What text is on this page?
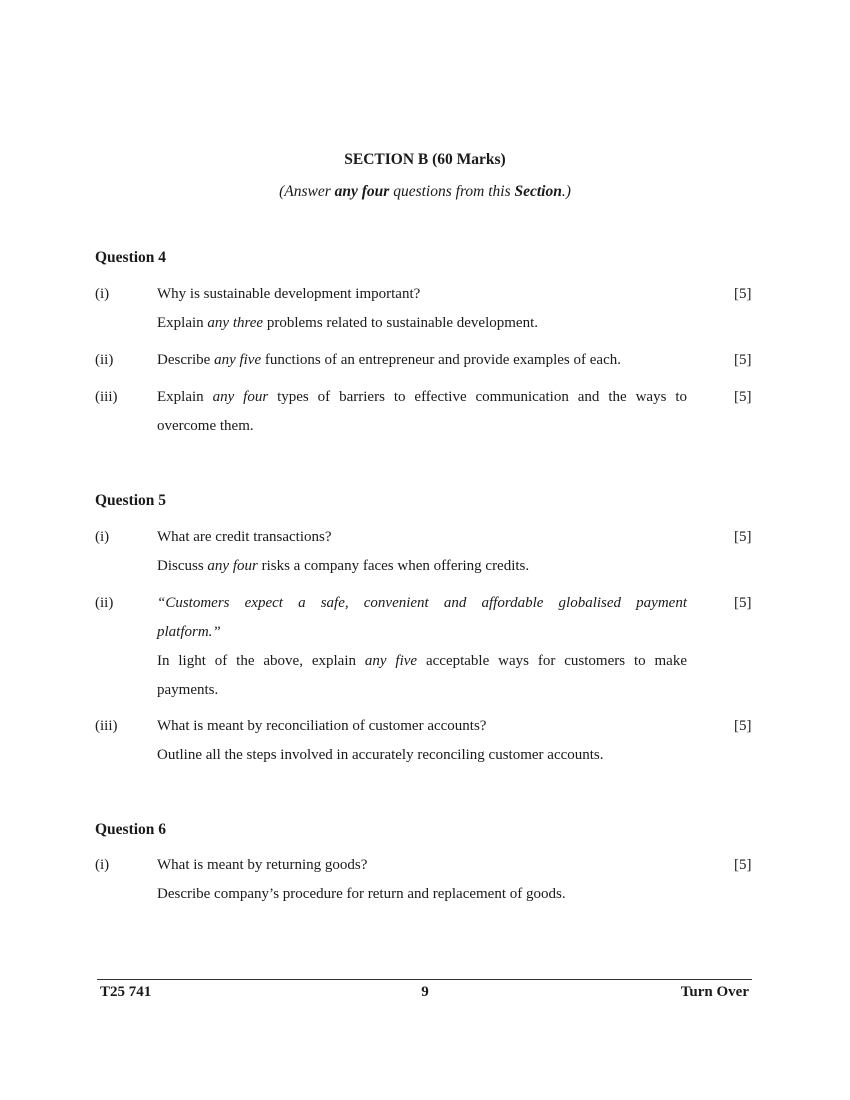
SECTION B (60 Marks)
(Answer any four questions from this Section.)
Question 4
(i)	Why is sustainable development important?
Explain any three problems related to sustainable development.
[5]
(ii)	Describe any five functions of an entrepreneur and provide examples of each.	[5]
(iii)	Explain any four types of barriers to effective communication and the ways to
overcome them.
[5]
Question 5
(i)	What are credit transactions?
Discuss any four risks a company faces when offering credits.
[5]
(ii)	“Customers expect a safe, convenient and affordable globalised payment
platform.”
In light of the above, explain any five acceptable ways for customers to make
payments.
[5]
(iii)	What is meant by reconciliation of customer accounts?
Outline all the steps involved in accurately reconciling customer accounts.
[5]
Question 6
(i)	What is meant by returning goods?
Describe company’s procedure for return and replacement of goods.
[5]
T25 741	9	Turn Over
